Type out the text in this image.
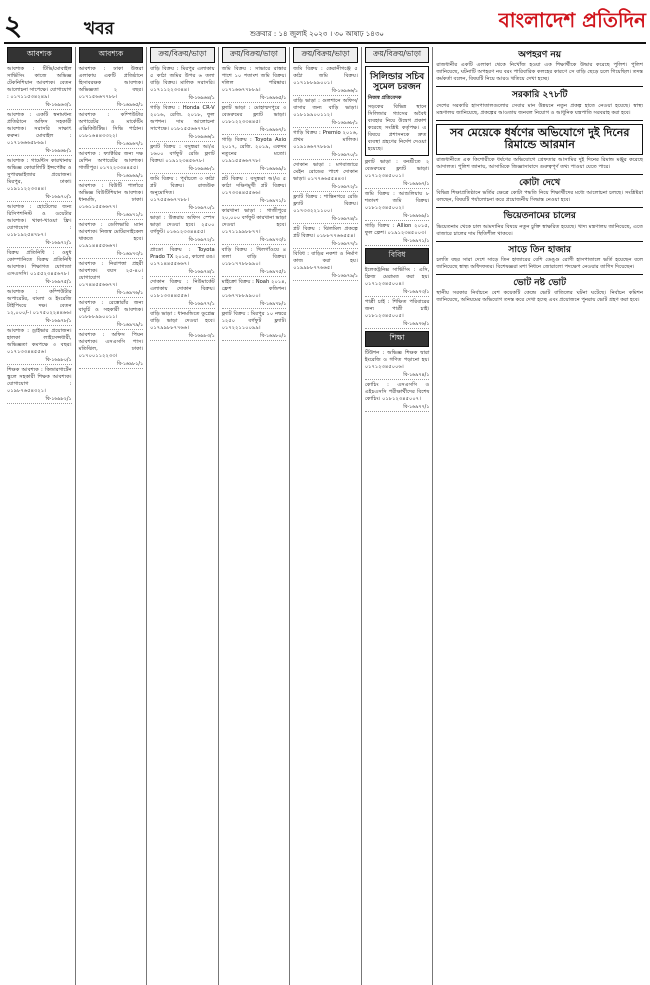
২	খবর	শুক্রবার : ১৪ জুলাই ২০২৩ । ৩০ আষাঢ় ১৪৩০
বাংলাদেশ প্রতিদিন
আবশ্যক
আবশ্যক : টিভি/মোবাইল সার্ভিসিং কাজে অভিজ্ঞ টেকনিশিয়ান আবশ্যক। বেতন আলোচনা সাপেক্ষে। যোগাযোগ : ০১৭১১৫৩৪২৪৯।
বি-১৬৯৬৩/১
আবশ্যক : একটি স্বনামধন্য প্রতিষ্ঠানে অফিস সহকারী আবশ্যক। সরাসরি সাক্ষাৎ করুন। মোবাইল : ০১৭১৬৬৬৫৮৬৯।
বি-১৬৯৬৮/১
আবশ্যক : গার্মেন্টস কারখানায় অভিজ্ঞ কোয়ালিটি ইন্সপেক্টর ও সুপারভাইজার প্রয়োজন। মিরপুর, ঢাকা। ০১৯১১২২৩৩৪৪।
বি-১৬৯৭০/১
আবশ্যক : হোটেলের জন্য রিসিপশনিস্ট ও ওয়েটার আবশ্যক। থাকা-খাওয়া ফ্রি। যোগাযোগ : ০১৮১৯২৫৪৭৮৭।
বি-১৬৯৭২/১
বিক্রয় প্রতিনিধি : ওষুধ কোম্পানিতে বিক্রয় প্রতিনিধি আবশ্যক। শিক্ষাগত যোগ্যতা এসএসসি। ০১৫৫২৩৪৫৬৭৮।
বি-১৬৯৭৫/১
আবশ্যক : কম্পিউটার অপারেটর, বাংলা ও ইংরেজি টাইপিংয়ে দক্ষ। বেতন ১২,০০০/-। ০১৭৫০২২৪৪৬৬।
বি-১৬৯৭৮/১
আবশ্যক : ড্রাইভার প্রয়োজন। হালকা লাইসেন্সধারী, অভিজ্ঞতা কমপক্ষে ৩ বছর। ০১৭১৩৩৪৪৫৫৬।
বি-১৬৯৮০/১
শিক্ষক আবশ্যক : কিন্ডারগার্টেন স্কুলে সহকারী শিক্ষক আবশ্যক। যোগাযোগ : ০১৯৮৭৬৫৪৩২১।
বি-১৬৯৮২/১
আবশ্যক
আবশ্যক : ঢাকা উত্তরা এলাকায় একটি প্রতিষ্ঠানে হিসাবরক্ষক আবশ্যক। অভিজ্ঞতা ২ বছর। ০১৭১৫৬৬৭৭৮৮।
বি-১৬৯৬৫/১
আবশ্যক : কম্পিউটার অপারেটর ও মার্কেটিং এক্সিকিউটিভ। সিভি পাঠান। ০১৮১৬৪৪৩৩২২।
বি-১৬৯৬৭/১
আবশ্যক : ফ্যাক্টরির জন্য দক্ষ মেশিন অপারেটর আবশ্যক। গাজীপুর। ০১৭২২৩৩৪৪৫৫।
বি-১৬৯৬৯/১
আবশ্যক : বিউটি পার্লারে অভিজ্ঞ বিউটিশিয়ান আবশ্যক। ধানমন্ডি, ঢাকা। ০১৬১১৫৫৬৬৭৭।
বি-১৬৯৭১/১
আবশ্যক : ডেলিভারি ম্যান আবশ্যক। নিজস্ব মোটরসাইকেল থাকতে হবে। ০১৯১৪৪৫৫৬৬৭।
বি-১৬৯৭৩/১
আবশ্যক : নিরাপত্তা প্রহরী আবশ্যক। বয়স ২৫-৪০। যোগাযোগ : ০১৭৪৪৫৫৬৬৭৭।
বি-১৬৯৭৬/১
আবশ্যক : রেস্তোরাঁর জন্য বাবুর্চি ও সহকারী আবশ্যক। ০১৮৮৮৯৯০০১১।
বি-১৬৯৭৯/১
আবশ্যক : অফিস পিয়ন আবশ্যক। এসএসসি পাস। মতিঝিল, ঢাকা। ০১৭০০১১২২৩৩।
বি-১৬৯৮১/১
ক্রয়/বিক্রয়/ভাড়া
বাড়ি বিক্রয় : মিরপুর এলাকায় ৫ কাঠা জমির উপর ৬ তলা বাড়ি বিক্রয়। মালিক সরাসরি। ০১৭১১২২৩৩৪৪।
বি-১৬৯৬৪/১
গাড়ি বিক্রয় : Honda CR-V ২০১৬, রেজি. ২০১৮, ফুল অপশন। দাম আলোচনা সাপেক্ষে। ০১৮১৫৫৬৬৭৭৮।
বি-১৬৯৬৬/১
ফ্ল্যাট বিক্রয় : বসুন্ধরা আ/এ ১৬০০ বর্গফুট রেডি ফ্ল্যাট বিক্রয়। ০১৯১২৩৪৫৬৭৮।
বি-১৬৯৬৮/১
জমি বিক্রয় : পূর্বাচলে ৩ কাঠা প্লট বিক্রয়। রাজউক অনুমোদিত। ০১৭৫৫৬৬৭৭৮৮।
বি-১৬৯৭০/১
ভাড়া : উত্তরায় অফিস স্পেস ভাড়া দেওয়া হবে। ২৫০০ বর্গফুট। ০১৬১২৩৩৪৪৫৫।
বি-১৬৯৭২/১
প্রাডো বিক্রয় : Toyota Prado TX ২০১৫, কালো রঙ। ০১৭১৪৪৫৫৬৬৭।
বি-১৬৯৭৪/১
দোকান বিক্রয় : নিউমার্কেট এলাকায় দোকান বিক্রয়। ০১৮১৩৩৪৪৫৫৬।
বি-১৬৯৭৭/১
বাড়ি ভাড়া : ধানমন্ডিতে ডুপ্লেক্স বাড়ি ভাড়া দেওয়া হবে। ০১৭৯৯৮৮৭৭৬৬।
বি-১৬৯৮৩/১
ক্রয়/বিক্রয়/ভাড়া
জমি বিক্রয় : সাভারে রাস্তার পাশে ১০ শতাংশ জমি বিক্রয়। দলিল পরিষ্কার। ০১৭১৬৬৭৭৮৮৯।
বি-১৬৯৬৫/১
ফ্ল্যাট ভাড়া : মোহাম্মদপুরে ৩ বেডরুমের ফ্ল্যাট ভাড়া। ০১৮১২২৩৩৪৪৫।
বি-১৬৯৬৭/১
গাড়ি বিক্রয় : Toyota Axio ২০১৭, রেজি. ২০১৯, একদম নতুনের মতো। ০১৯১৫৫৬৬৭৭৮।
বি-১৬৯৬৯/১
প্লট বিক্রয় : বসুন্ধরা আ/এ ৫ কাঠা দক্ষিণমুখী প্লট বিক্রয়। ০১৭৩৩৪৪৫৫৬৬।
বি-১৬৯৭১/১
কারখানা ভাড়া : গাজীপুরে ২০,০০০ বর্গফুট কারখানা ভাড়া দেওয়া হবে। ০১৭১১৯৯৮৮৭৭।
বি-১৬৯৭৩/১
বাড়ি বিক্রয় : খিলগাঁওয়ে ৪ তলা বাড়ি বিক্রয়। ০১৮১৭৭৮৮৯৯০।
বি-১৬৯৭৫/১
মাইক্রো বিক্রয় : Noah ২০১৪, ফ্রেশ কন্ডিশন। ০১৬৭৭৮৮৯৯০০।
বি-১৬৯৭৮/১
ফ্ল্যাট বিক্রয় : মিরপুর ১০ নম্বরে ১২৫০ বর্গফুট ফ্ল্যাট। ০১৭২২১১০০৯৯।
বি-১৬৯৮০/১
ক্রয়/বিক্রয়/ভাড়া
জমি বিক্রয় : কেরানীগঞ্জে ৫ কাঠা জমি বিক্রয়। ০১৭১৮৮৯৯০০১।
বি-১৬৯৬৬/১
বাড়ি ভাড়া : গুলশানে অফিস/বাসার জন্য বাড়ি ভাড়া। ০১৮১৯৯০০১১২।
বি-১৬৯৬৮/১
গাড়ি বিক্রয় : Premio ২০১৬, প্রথম মালিক। ০১৯১৬৬৭৭৮৮৯।
বি-১৬৯৭০/১
দোকান ভাড়া : মগবাজারে মেইন রোডের পাশে দোকান ভাড়া। ০১৭৭৬৬৫৫৪৪৩।
বি-১৬৯৭২/১
ফ্ল্যাট বিক্রয় : শান্তিনগরে রেডি ফ্ল্যাট বিক্রয়। ০১৭৩৩২২১১০০।
বি-১৬৯৭৪/১
প্লট বিক্রয় : ঝিলমিল প্রকল্পে প্লট বিক্রয়। ০১৮৮৭৭৬৬৫৫৪।
বি-১৬৯৭৭/১
বিবিধ : বাড়ির নকশা ও নির্মাণ কাজ করা হয়। ০১৯৯৮৮৭৭৬৬৫।
বি-১৬৯৭৯/১
ক্রয়/বিক্রয়/ভাড়া
সিলিন্ডার সচিব সুমেল চরজন
নিজস্ব প্রতিবেদক
সড়কের বিভিন্ন স্থানে সিলিন্ডার গ্যাসের অবৈধ ব্যবহার নিয়ে উদ্বেগ প্রকাশ করেছে সংশ্লিষ্ট কর্তৃপক্ষ। এ বিষয়ে প্রশাসনকে দ্রুত ব্যবস্থা গ্রহণের নির্দেশ দেওয়া হয়েছে।
ফ্ল্যাট ভাড়া : বনশ্রীতে ২ বেডরুমের ফ্ল্যাট ভাড়া। ০১৭১২৩৪৫০০১।
বি-১৬৯৬৭/১
জমি বিক্রয় : আশুলিয়ায় ৮ শতাংশ জমি বিক্রয়। ০১৮১২৩৪৫০০২।
বি-১৬৯৬৯/১
গাড়ি বিক্রয় : Allion ২০১৫, ফুল ফ্রেশ। ০১৯১২৩৪৫০০৩।
বি-১৬৯৭১/১
বিবিধ
ইলেকট্রনিক্স সার্ভিসিং : এসি, ফ্রিজ মেরামত করা হয়। ০১৭১২৩৪৫০০৪।
বি-১৬৯৭৩/১
পাত্রী চাই : শিক্ষিত পরিবারের জন্য পাত্রী চাই। ০১৮১২৩৪৫০০৫।
বি-১৬৯৭৬/১
শিক্ষা
টিউশন : অভিজ্ঞ শিক্ষক দ্বারা ইংরেজি ও গণিত পড়ানো হয়। ০১৭১২৩৪৫০০৬।
বি-১৬৯৭৪/১
কোচিং : এসএসসি ও এইচএসসি পরীক্ষার্থীদের বিশেষ কোচিং। ০১৮১২৩৪৫০০৭।
বি-১৬৯৭৭/১
অপহরণ নয়
রাজধানীর একটি এলাকা থেকে নিখোঁজ হওয়া এক শিক্ষার্থীকে উদ্ধার করেছে পুলিশ। পুলিশ জানিয়েছে, ঘটনাটি অপহরণ নয় বরং পারিবারিক কলহের কারণে সে বাড়ি ছেড়ে চলে গিয়েছিল। তদন্ত কর্মকর্তা বলেন, বিষয়টি নিয়ে আরও খতিয়ে দেখা হচ্ছে।
সরকারি ২৭৮টি
দেশের সরকারি হাসপাতালগুলোর সেবার মান উন্নয়নে নতুন প্রকল্প হাতে নেওয়া হয়েছে। স্বাস্থ্য মন্ত্রণালয় জানিয়েছে, প্রকল্পের আওতায় জনবল নিয়োগ ও আধুনিক যন্ত্রপাতি সরবরাহ করা হবে।
সব মেয়েকে ধর্ষণের অভিযোগে দুই দিনের রিমান্ডে আরমান
রাজধানীতে এক কিশোরীকে ধর্ষণের অভিযোগে গ্রেফতার আসামির দুই দিনের রিমান্ড মঞ্জুর করেছে আদালত। পুলিশ জানায়, আসামিকে জিজ্ঞাসাবাদে গুরুত্বপূর্ণ তথ্য পাওয়া যেতে পারে।
কোটা দেখে
বিভিন্ন শিক্ষাপ্রতিষ্ঠানে ভর্তির ক্ষেত্রে কোটা পদ্ধতি নিয়ে শিক্ষার্থীদের মধ্যে আলোচনা চলছে। সংশ্লিষ্টরা বলছেন, বিষয়টি পর্যালোচনা করে প্রয়োজনীয় সিদ্ধান্ত নেওয়া হবে।
ভিয়েতনামের চালের
ভিয়েতনাম থেকে চাল আমদানির বিষয়ে নতুন চুক্তি স্বাক্ষরিত হয়েছে। খাদ্য মন্ত্রণালয় জানিয়েছে, এতে বাজারে চালের দাম স্থিতিশীল থাকবে।
সাড়ে তিন হাজার
চলতি বছর সারা দেশে সাড়ে তিন হাজারের বেশি ডেঙ্গু রোগী হাসপাতালে ভর্তি হয়েছেন বলে জানিয়েছে স্বাস্থ্য অধিদফতর। বিশেষজ্ঞরা মশা নিধনে জোরালো পদক্ষেপ নেওয়ার তাগিদ দিয়েছেন।
ভোট নষ্ট ভোট
স্থানীয় সরকার নির্বাচনে বেশ কয়েকটি কেন্দ্রে ভোট বাতিলের ঘটনা ঘটেছে। নির্বাচন কমিশন জানিয়েছে, অনিয়মের অভিযোগ তদন্ত করে দেখা হচ্ছে এবং প্রয়োজনে পুনরায় ভোট গ্রহণ করা হবে।
